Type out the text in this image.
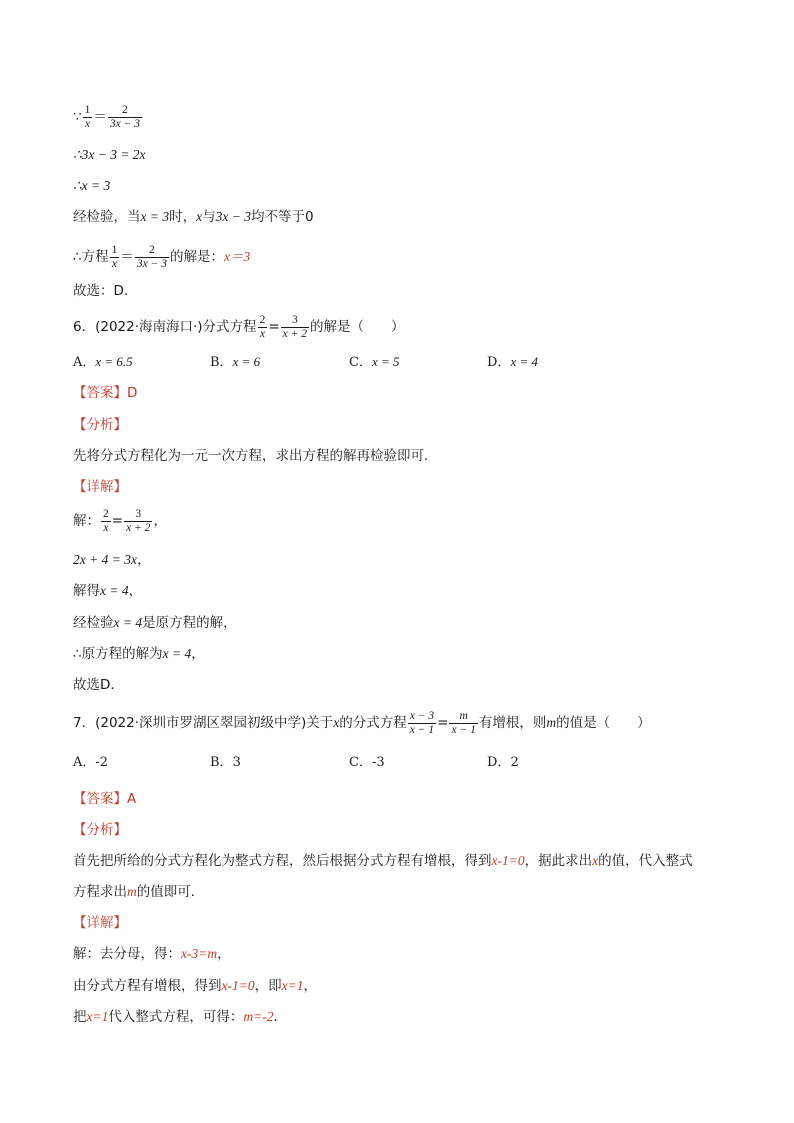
∵ $\frac{1}{x} = \frac{2}{3x - 3}$
∴3x − 3 = 2x
∴x = 3
经检验，当x = 3时，x与3x − 3均不等于0
∴方程 $\frac{1}{x} = \frac{2}{3x - 3}$ 的解是：x＝3
故选：D．
6．(2022·海南海口·)分式方程 $\frac{2}{x} = \frac{3}{x + 2}$ 的解是（　　）
A．x = 6.5	B．x = 6	C．x = 5	D．x = 4
【答案】D
【分析】
先将分式方程化为一元一次方程，求出方程的解再检验即可．
【详解】
解： $\frac{2}{x} = \frac{3}{x + 2}$ ，
2x + 4 = 3x，
解得x = 4，
经检验x = 4是原方程的解，
∴原方程的解为x = 4，
故选D．
7．(2022·深圳市罗湖区翠园初级中学)关于x的分式方程 $\frac{x - 3}{x - 1} = \frac{m}{x - 1}$ 有增根，则m的值是（　　）
A．-2	B．3	C．-3	D．2
【答案】A
【分析】
首先把所给的分式方程化为整式方程，然后根据分式方程有增根，得到x-1=0，据此求出x的值，代入整式
方程求出m的值即可．
【详解】
解：去分母，得：x-3=m，
由分式方程有增根，得到x-1=0，即x=1，
把x=1代入整式方程，可得：m=-2．
